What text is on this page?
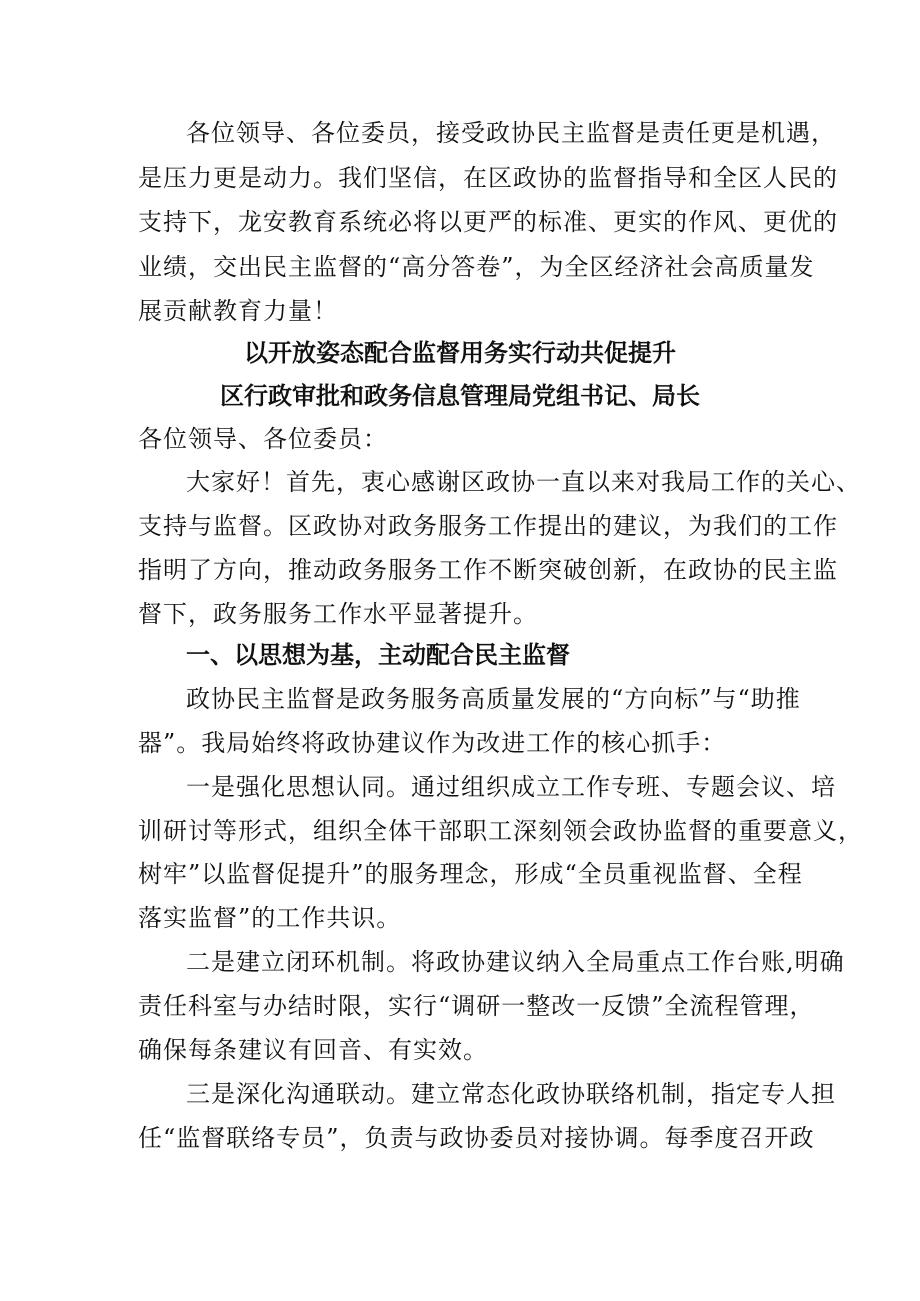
各位领导、各位委员，接受政协民主监督是责任更是机遇，
是压力更是动力。我们坚信，在区政协的监督指导和全区人民的
支持下，龙安教育系统必将以更严的标准、更实的作风、更优的
业绩，交出民主监督的“高分答卷”，为全区经济社会高质量发
展贡献教育力量！
以开放姿态配合监督用务实行动共促提升
区行政审批和政务信息管理局党组书记、局长
各位领导、各位委员：
大家好！首先，衷心感谢区政协一直以来对我局工作的关心、
支持与监督。区政协对政务服务工作提出的建议，为我们的工作
指明了方向，推动政务服务工作不断突破创新，在政协的民主监
督下，政务服务工作水平显著提升。
一、以思想为基，主动配合民主监督
政协民主监督是政务服务高质量发展的“方向标”与“助推
器”。我局始终将政协建议作为改进工作的核心抓手：
一是强化思想认同。通过组织成立工作专班、专题会议、培
训研讨等形式，组织全体干部职工深刻领会政协监督的重要意义，
树牢”以监督促提升”的服务理念，形成“全员重视监督、全程
落实监督”的工作共识。
二是建立闭环机制。将政协建议纳入全局重点工作台账,明确
责任科室与办结时限，实行“调研一整改一反馈”全流程管理，
确保每条建议有回音、有实效。
三是深化沟通联动。建立常态化政协联络机制，指定专人担
任“监督联络专员”，负责与政协委员对接协调。每季度召开政
